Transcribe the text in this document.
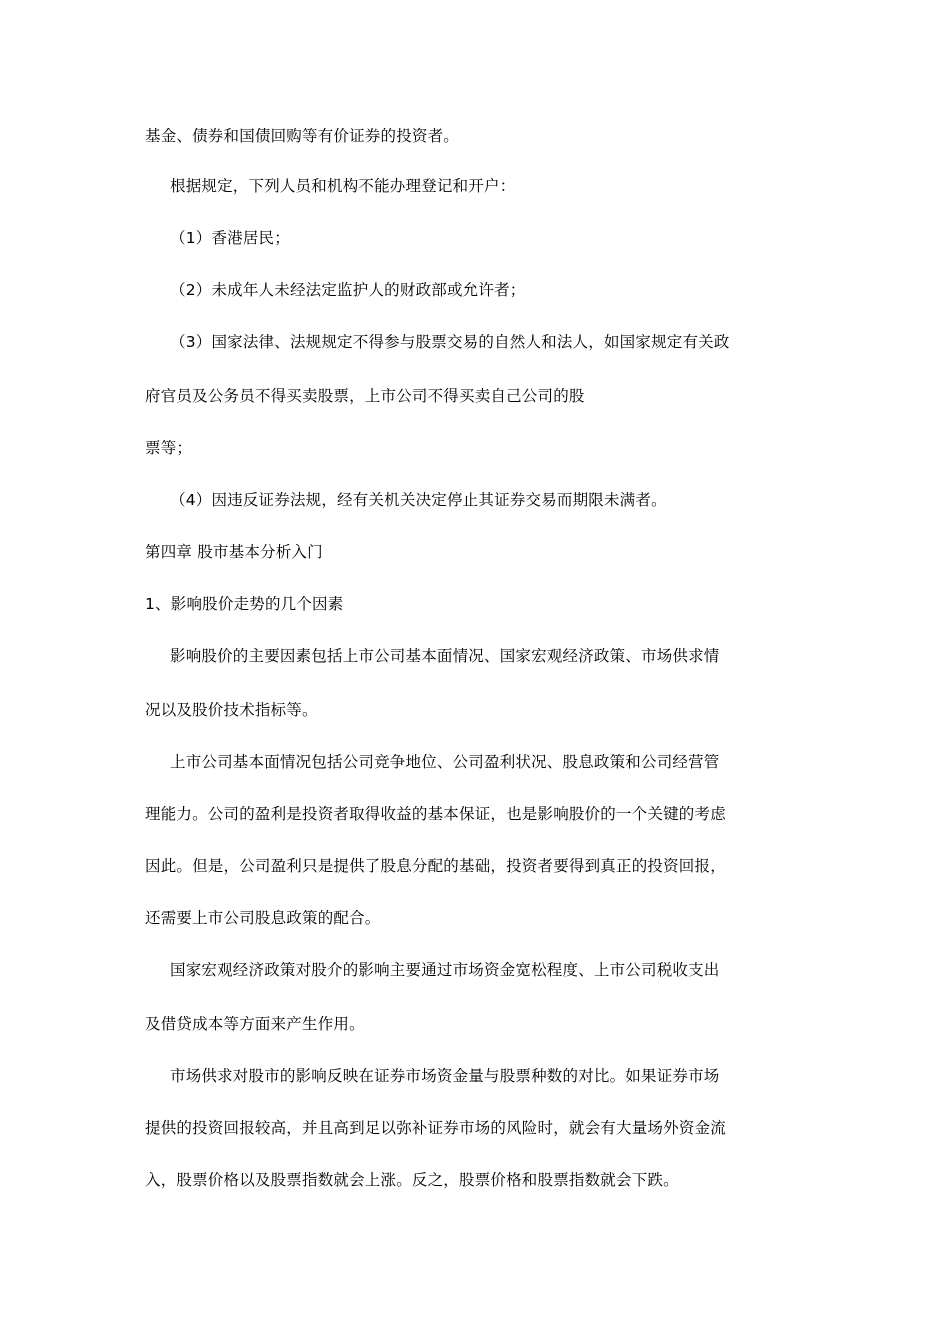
基金、债券和国债回购等有价证券的投资者。
根据规定，下列人员和机构不能办理登记和开户：
（1）香港居民；
（2）未成年人未经法定监护人的财政部或允许者；
（3）国家法律、法规规定不得参与股票交易的自然人和法人，如国家规定有关政
府官员及公务员不得买卖股票，上市公司不得买卖自己公司的股
票等；
（4）因违反证券法规，经有关机关决定停止其证券交易而期限未满者。
第四章 股市基本分析入门
1、影响股价走势的几个因素
影响股价的主要因素包括上市公司基本面情况、国家宏观经济政策、市场供求情
况以及股价技术指标等。
上市公司基本面情况包括公司竞争地位、公司盈利状况、股息政策和公司经营管
理能力。公司的盈利是投资者取得收益的基本保证，也是影响股价的一个关键的考虑
因此。但是，公司盈利只是提供了股息分配的基础，投资者要得到真正的投资回报，
还需要上市公司股息政策的配合。
国家宏观经济政策对股介的影响主要通过市场资金宽松程度、上市公司税收支出
及借贷成本等方面来产生作用。
市场供求对股市的影响反映在证券市场资金量与股票种数的对比。如果证券市场
提供的投资回报较高，并且高到足以弥补证券市场的风险时，就会有大量场外资金流
入，股票价格以及股票指数就会上涨。反之，股票价格和股票指数就会下跌。
